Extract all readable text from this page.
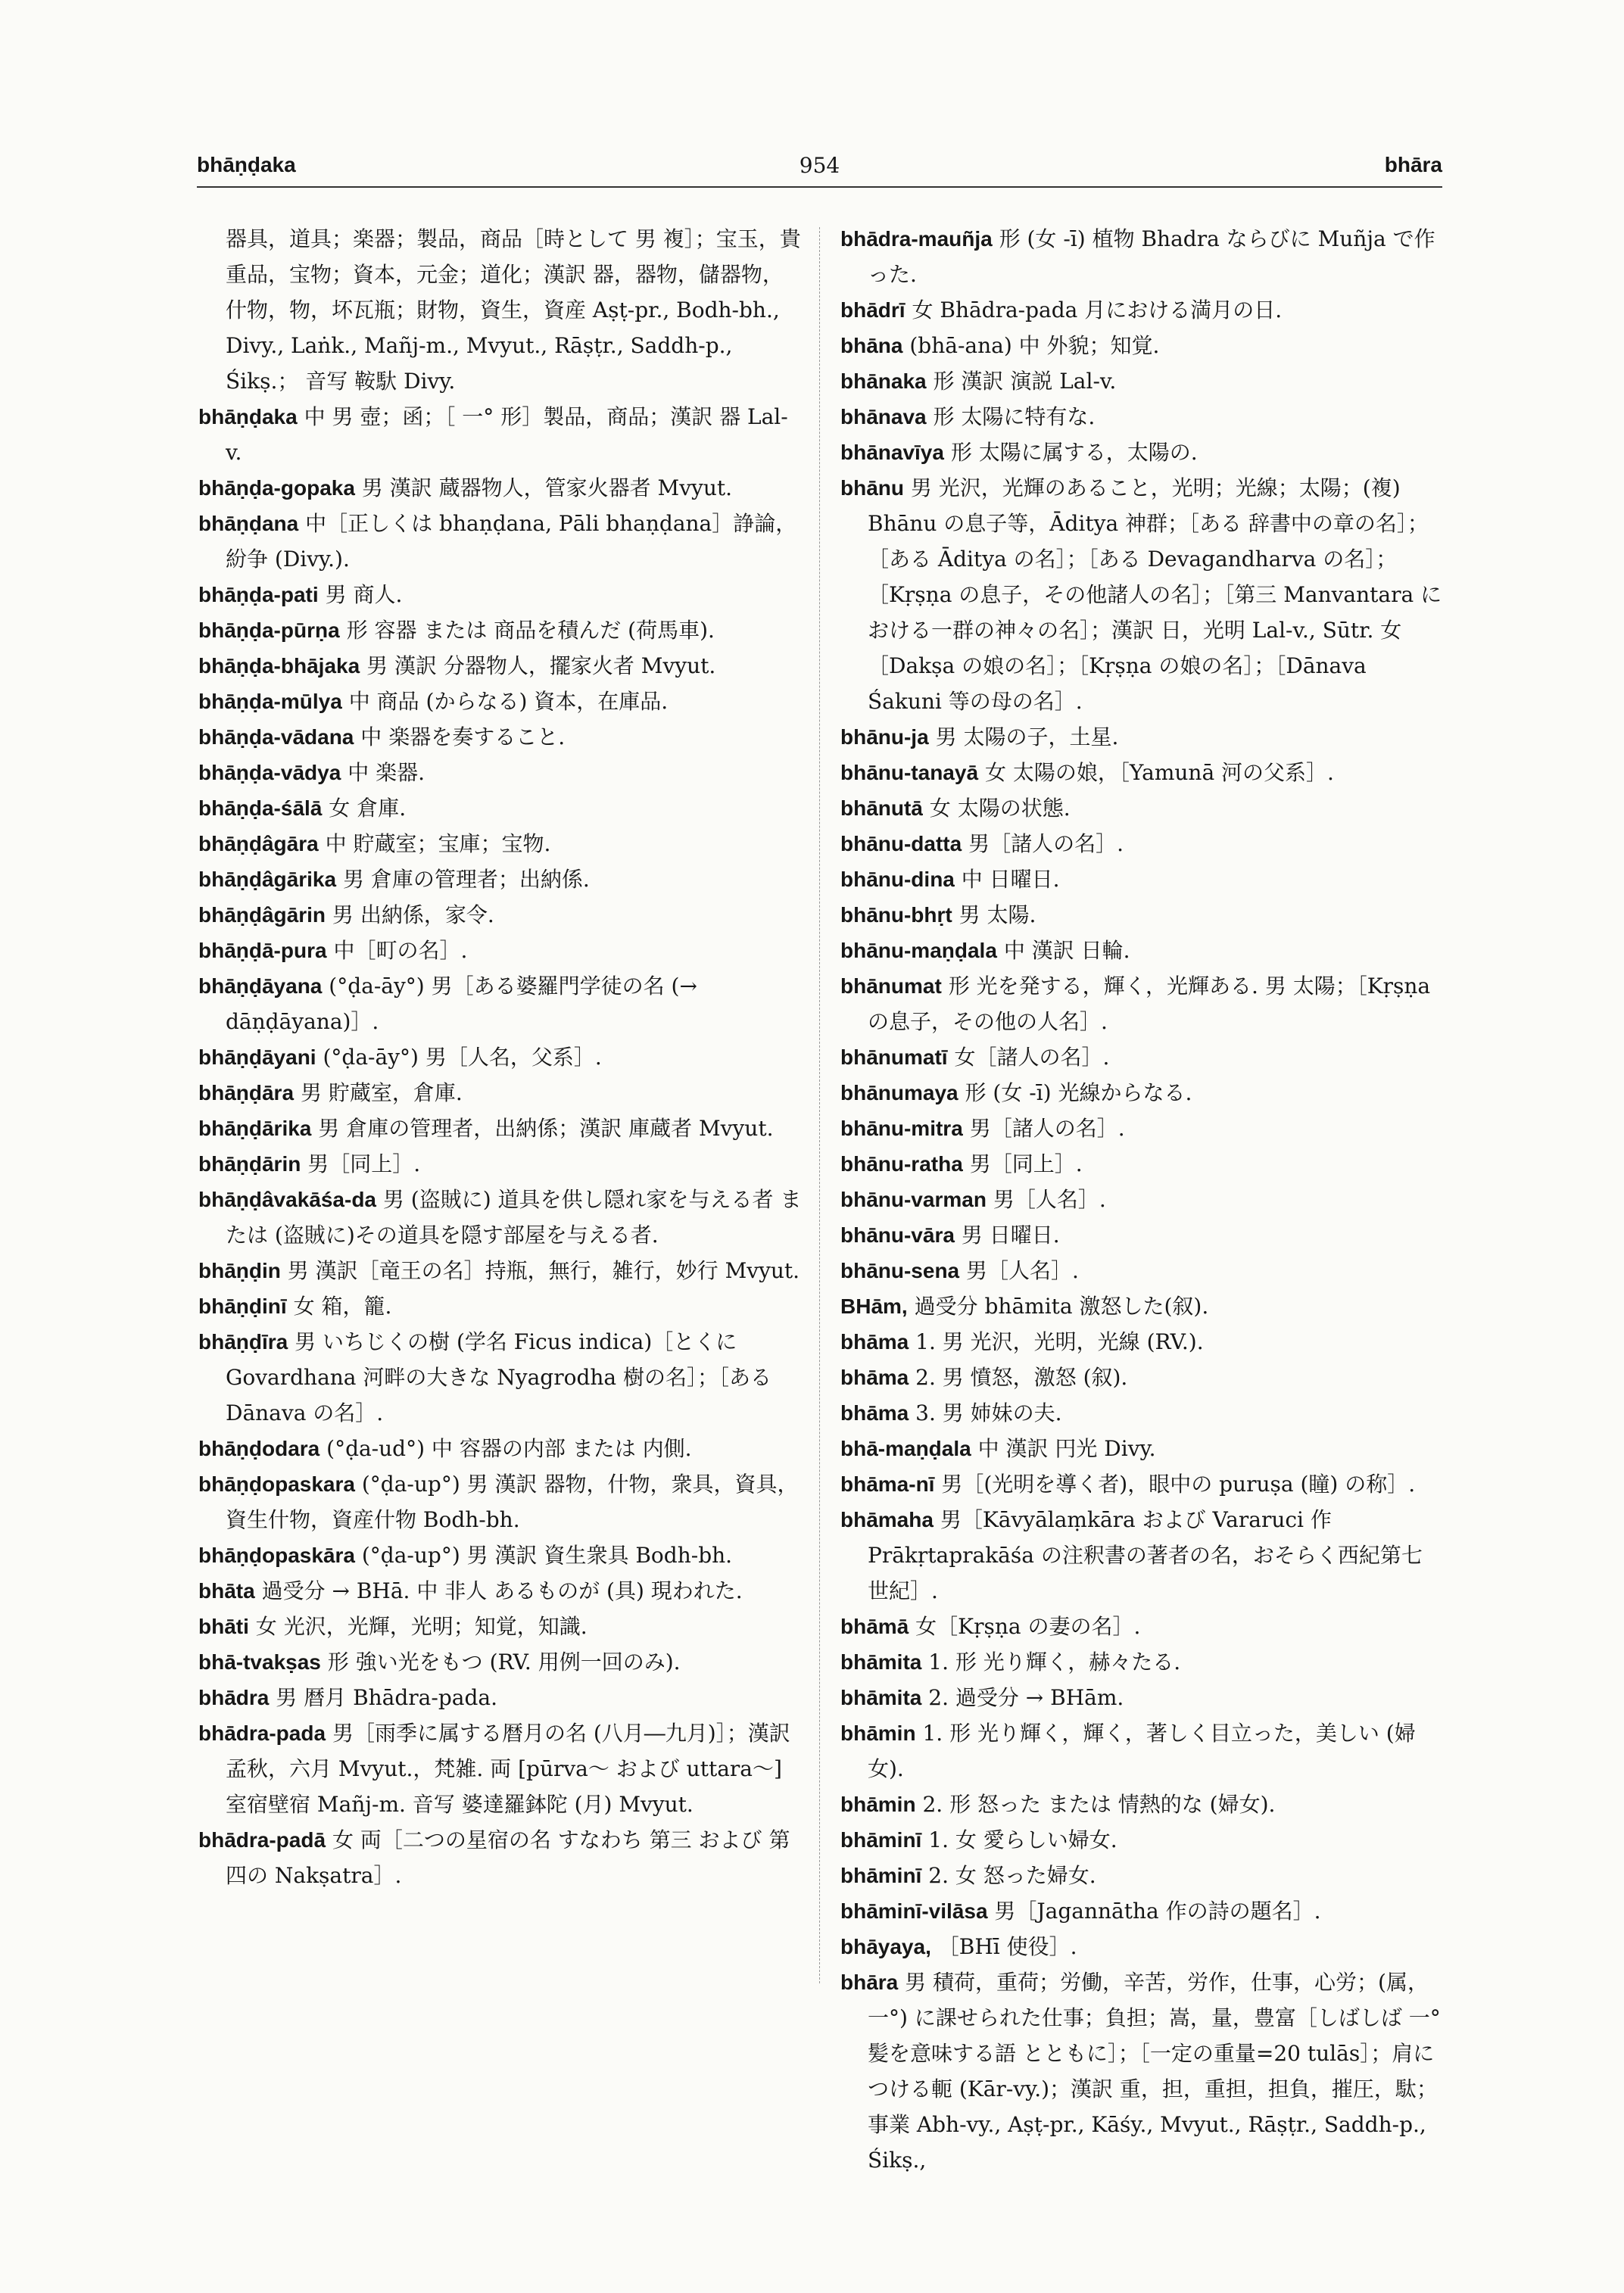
bhāṇḍaka	954	bhāra

器具，道具；楽器；製品，商品［時として 男 複］；宝玉，貴重品，宝物；資本，元金；道化；漢訳 器，器物，儲器物，什物，物，坏瓦瓶；財物，資生，資産 Aṣṭ-pr., Bodh-bh., Divy., Laṅk., Mañj-m., Mvyut., Rāṣṭr., Saddh-p., Śikṣ.； 音写 鞍馱 Divy.

bhāṇḍaka 中 男 壺；函；［ 一° 形］製品，商品；漢訳 器 Lal-v.

bhāṇḍa-gopaka 男 漢訳 蔵器物人，管家火器者 Mvyut.

bhāṇḍana 中［正しくは bhaṇḍana, Pāli bhaṇḍana］諍論，紛争 (Divy.).

bhāṇḍa-pati 男 商人.

bhāṇḍa-pūrṇa 形 容器 または 商品を積んだ (荷馬車).

bhāṇḍa-bhājaka 男 漢訳 分器物人，擺家火者 Mvyut.

bhāṇḍa-mūlya 中 商品 (からなる) 資本，在庫品.

bhāṇḍa-vādana 中 楽器を奏すること.

bhāṇḍa-vādya 中 楽器.

bhāṇḍa-śālā 女 倉庫.

bhāṇḍâgāra 中 貯蔵室；宝庫；宝物.

bhāṇḍâgārika 男 倉庫の管理者；出納係.

bhāṇḍâgārin 男 出納係，家令.

bhāṇḍā-pura 中［町の名］.

bhāṇḍāyana (°ḍa-āy°) 男［ある婆羅門学徒の名 (→ dāṇḍāyana)］.

bhāṇḍāyani (°ḍa-āy°) 男［人名，父系］.

bhāṇḍāra 男 貯蔵室，倉庫.

bhāṇḍārika 男 倉庫の管理者，出納係；漢訳 庫蔵者 Mvyut.

bhāṇḍārin 男［同上］.

bhāṇḍâvakāśa-da 男 (盗賊に) 道具を供し隠れ家を与える者 または (盗賊に)その道具を隠す部屋を与える者.

bhāṇḍin 男 漢訳［竜王の名］持瓶，無行，雑行，妙行 Mvyut.

bhāṇḍinī 女 箱，籠.

bhāṇḍīra 男 いちじくの樹 (学名 Ficus indica)［とくに Govardhana 河畔の大きな Nyagrodha 樹の名］；［ある Dānava の名］.

bhāṇḍodara (°ḍa-ud°) 中 容器の内部 または 内側.

bhāṇḍopaskara (°ḍa-up°) 男 漢訳 器物，什物，衆具，資具，資生什物，資産什物 Bodh-bh.

bhāṇḍopaskāra (°ḍa-up°) 男 漢訳 資生衆具 Bodh-bh.

bhāta 過受分 → BHā. 中 非人 あるものが (具) 現われた.

bhāti 女 光沢，光輝，光明；知覚，知識.

bhā-tvakṣas 形 強い光をもつ (RV. 用例一回のみ).

bhādra 男 暦月 Bhādra-pada.

bhādra-pada 男［雨季に属する暦月の名 (八月―九月)］；漢訳 孟秋，六月 Mvyut.，梵雑. 両 [pūrva～ および uttara～] 室宿壁宿 Mañj-m. 音写 婆達羅鉢陀 (月) Mvyut.

bhādra-padā 女 両［二つの星宿の名 すなわち 第三 および 第四の Nakṣatra］.

bhādra-mauñja 形 (女 -ī) 植物 Bhadra ならびに Muñja で作った.

bhādrī 女 Bhādra-pada 月における満月の日.

bhāna (bhā-ana) 中 外貌；知覚.

bhānaka 形 漢訳 演説 Lal-v.

bhānava 形 太陽に特有な.

bhānavīya 形 太陽に属する，太陽の.

bhānu 男 光沢，光輝のあること，光明；光線；太陽；(複) Bhānu の息子等，Āditya 神群；［ある 辞書中の章の名］；［ある Āditya の名］；［ある Devagandharva の名］；［Kṛṣṇa の息子，その他諸人の名］；［第三 Manvantara における一群の神々の名］；漢訳 日，光明 Lal-v., Sūtr. 女［Dakṣa の娘の名］；［Kṛṣṇa の娘の名］；［Dānava Śakuni 等の母の名］.

bhānu-ja 男 太陽の子，土星.

bhānu-tanayā 女 太陽の娘，［Yamunā 河の父系］.

bhānutā 女 太陽の状態.

bhānu-datta 男［諸人の名］.

bhānu-dina 中 日曜日.

bhānu-bhṛt 男 太陽.

bhānu-maṇḍala 中 漢訳 日輪.

bhānumat 形 光を発する，輝く，光輝ある. 男 太陽；［Kṛṣṇa の息子，その他の人名］.

bhānumatī 女［諸人の名］.

bhānumaya 形 (女 -ī) 光線からなる.

bhānu-mitra 男［諸人の名］.

bhānu-ratha 男［同上］.

bhānu-varman 男［人名］.

bhānu-vāra 男 日曜日.

bhānu-sena 男［人名］.

BHām, 過受分 bhāmita 激怒した(叙).

bhāma 1. 男 光沢，光明，光線 (RV.).

bhāma 2. 男 憤怒，激怒 (叙).

bhāma 3. 男 姉妹の夫.

bhā-maṇḍala 中 漢訳 円光 Divy.

bhāma-nī 男［(光明を導く者)，眼中の puruṣa (瞳) の称］.

bhāmaha 男［Kāvyālaṃkāra および Vararuci 作 Prākṛtaprakāśa の注釈書の著者の名，おそらく西紀第七世紀］.

bhāmā 女［Kṛṣṇa の妻の名］.

bhāmita 1. 形 光り輝く，赫々たる.

bhāmita 2. 過受分 → BHām.

bhāmin 1. 形 光り輝く，輝く，著しく目立った，美しい (婦女).

bhāmin 2. 形 怒った または 情熱的な (婦女).

bhāminī 1. 女 愛らしい婦女.

bhāminī 2. 女 怒った婦女.

bhāminī-vilāsa 男［Jagannātha 作の詩の題名］.

bhāyaya, ［BHī 使役］.

bhāra 男 積荷，重荷；労働，辛苦，労作，仕事，心労；(属，一°) に課せられた仕事；負担；嵩，量，豊富［しばしば 一° 髪を意味する語 とともに］；［一定の重量=20 tulās］；肩につける軛 (Kār-vy.)；漢訳 重，担，重担，担負，摧圧，駄；事業 Abh-vy., Aṣṭ-pr., Kāśy., Mvyut., Rāṣṭr., Saddh-p., Śikṣ.,
